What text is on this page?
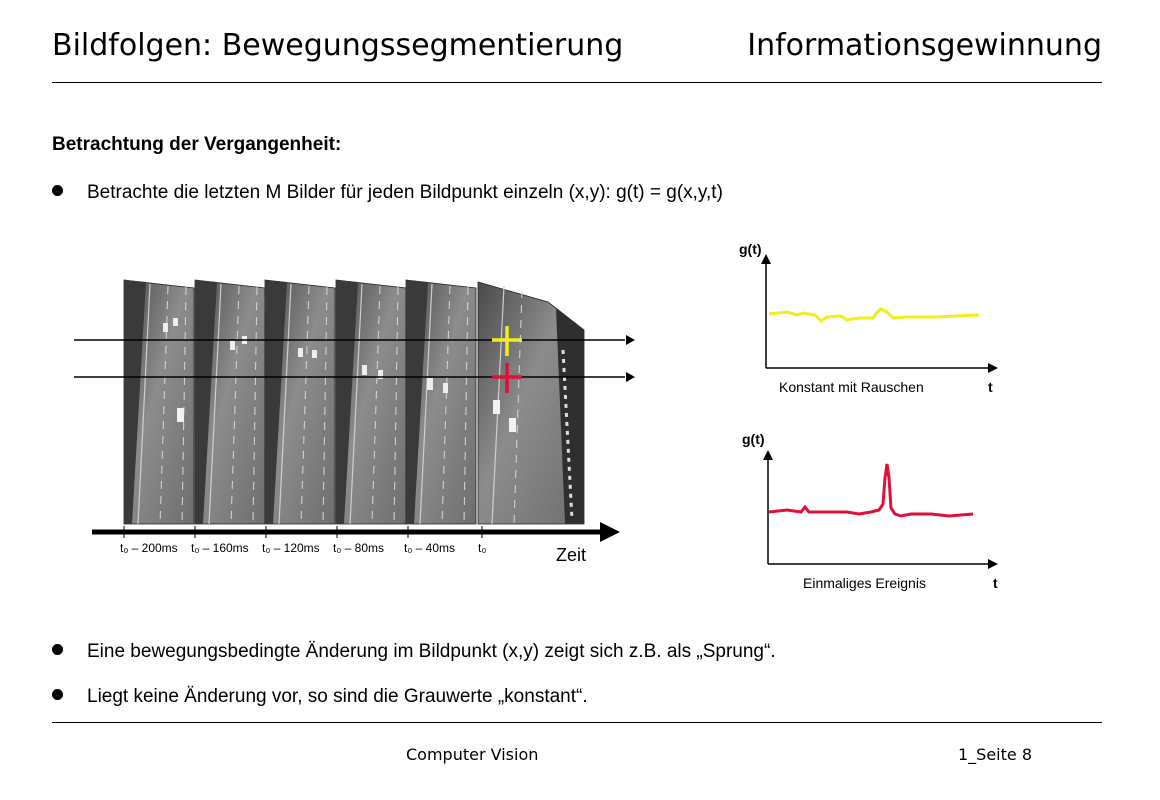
Bildfolgen: Bewegungssegmentierung	Informationsgewinnung
Betrachtung der Vergangenheit:
Betrachte die letzten M Bilder für jeden Bildpunkt einzeln (x,y): g(t) = g(x,y,t)
t₀ – 200ms t₀ – 160ms t₀ – 120ms t₀ – 80ms t₀ – 40ms t₀	Zeit
g(t)
Konstant mit Rauschen	t
g(t)
Einmaliges Ereignis	t
Eine bewegungsbedingte Änderung im Bildpunkt (x,y) zeigt sich z.B. als „Sprung“.
Liegt keine Änderung vor, so sind die Grauwerte „konstant“.
Computer Vision	1_Seite 8
